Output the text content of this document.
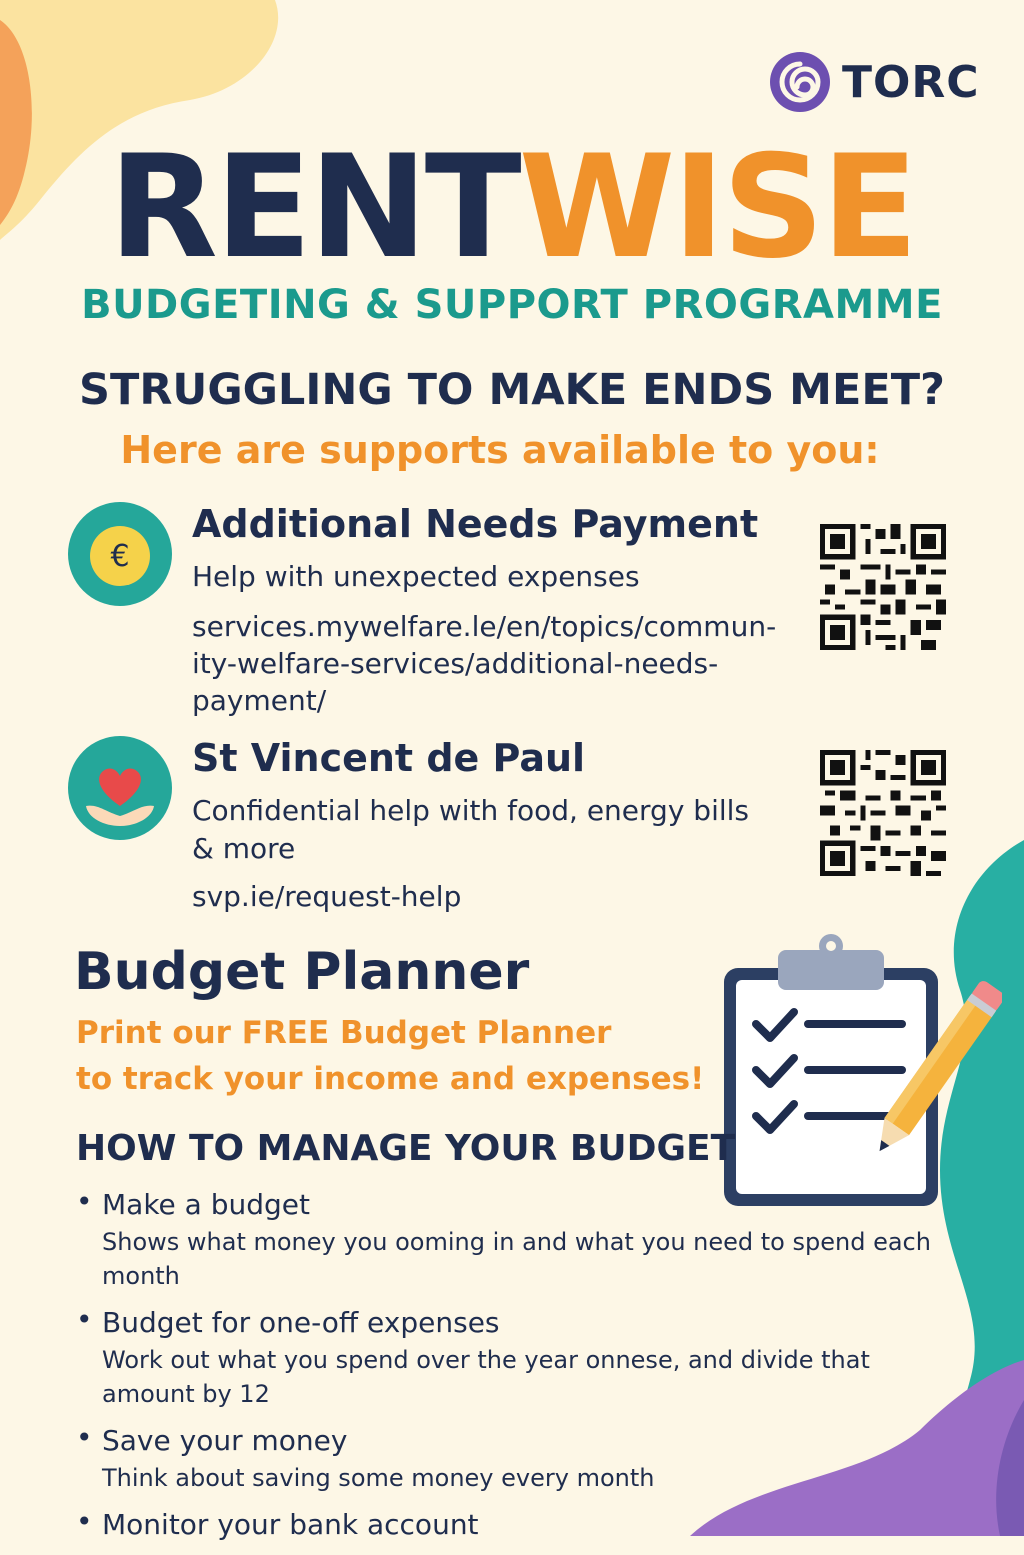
TORC
RENTWISE
BUDGETING & SUPPORT PROGRAMME
STRUGGLING TO MAKE ENDS MEET?
Here are supports available to you:
€
Additional Needs Payment
Help with unexpected expenses
services.mywelfare.le/en/topics/commun-ity-welfare-services/additional-needs-payment/
St Vincent de Paul
Confidential help with food, energy bills & more
svp.ie/request-help
Budget Planner
Print our FREE Budget Planner
to track your income and expenses!
HOW TO MANAGE YOUR BUDGET
• Make a budget
Shows what money you ooming in and what you need to spend each month
• Budget for one-off expenses
Work out what you spend over the year onnese, and divide that amount by 12
• Save your money
Think about saving some money every month
• Monitor your bank account
